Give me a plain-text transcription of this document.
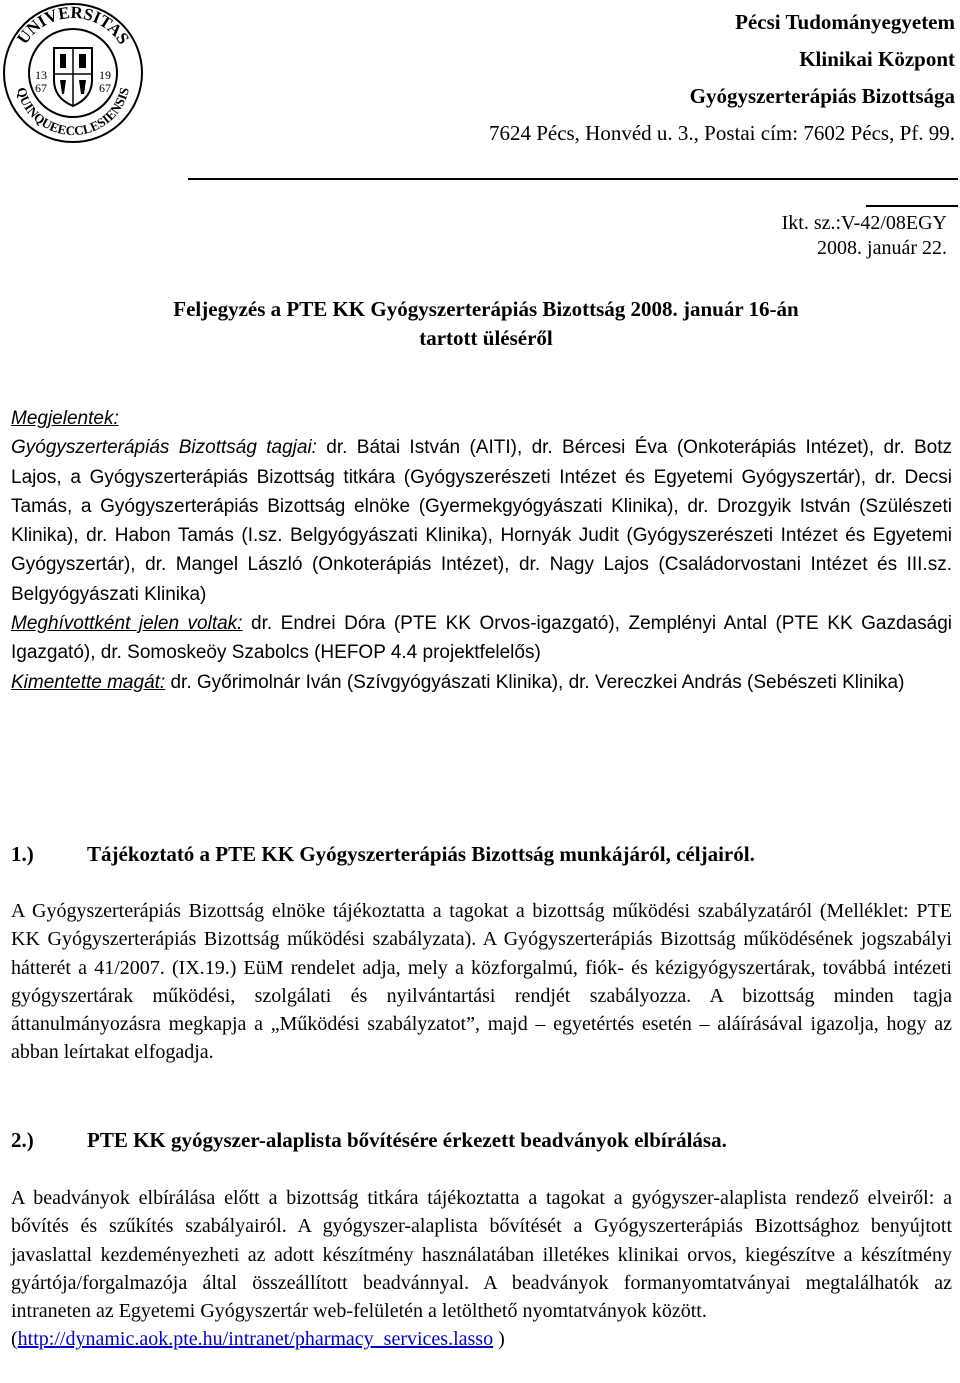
UNIVERSITAS
QUINQUEECCLESIENSIS
13
67
19
67
Pécsi Tudományegyetem
Klinikai Központ
Gyógyszerterápiás Bizottsága
7624 Pécs, Honvéd u. 3., Postai cím: 7602 Pécs, Pf. 99.
Ikt. sz.:V-42/08EGY
2008. január 22.
Feljegyzés a PTE KK Gyógyszerterápiás Bizottság 2008. január 16-án
tartott üléséről
Megjelentek:
Gyógyszerterápiás Bizottság tagjai: dr. Bátai István (AITI), dr. Bércesi Éva (Onkoterápiás Intézet), dr. Botz Lajos, a Gyógyszerterápiás Bizottság titkára (Gyógyszerészeti Intézet és Egyetemi Gyógyszertár), dr. Decsi Tamás, a Gyógyszerterápiás Bizottság elnöke (Gyermekgyógyászati Klinika), dr. Drozgyik István (Szülészeti Klinika), dr. Habon Tamás (I.sz. Belgyógyászati Klinika), Hornyák Judit (Gyógyszerészeti Intézet és Egyetemi Gyógyszertár), dr. Mangel László (Onkoterápiás Intézet), dr. Nagy Lajos (Családorvostani Intézet és III.sz. Belgyógyászati Klinika)
Meghívottként jelen voltak: dr. Endrei Dóra (PTE KK Orvos-igazgató), Zemplényi Antal (PTE KK Gazdasági Igazgató), dr. Somoskeöy Szabolcs (HEFOP 4.4 projektfelelős)
Kimentette magát: dr. Győrimolnár Iván (Szívgyógyászati Klinika), dr. Vereczkei András (Sebészeti Klinika)
1.)	Tájékoztató a PTE KK Gyógyszerterápiás Bizottság munkájáról, céljairól.
A Gyógyszerterápiás Bizottság elnöke tájékoztatta a tagokat a bizottság működési szabályzatáról (Melléklet: PTE KK Gyógyszerterápiás Bizottság működési szabályzata). A Gyógyszerterápiás Bizottság működésének jogszabályi hátterét a 41/2007. (IX.19.) EüM rendelet adja, mely a közforgalmú, fiók- és kézigyógyszertárak, továbbá intézeti gyógyszertárak működési, szolgálati és nyilvántartási rendjét szabályozza. A bizottság minden tagja áttanulmányozásra megkapja a „Működési szabályzatot”, majd – egyetértés esetén – aláírásával igazolja, hogy az abban leírtakat elfogadja.
2.)	PTE KK gyógyszer-alaplista bővítésére érkezett beadványok elbírálása.
A beadványok elbírálása előtt a bizottság titkára tájékoztatta a tagokat a gyógyszer-alaplista rendező elveiről: a bővítés és szűkítés szabályairól. A gyógyszer-alaplista bővítését a Gyógyszerterápiás Bizottsághoz benyújtott javaslattal kezdeményezheti az adott készítmény használatában illetékes klinikai orvos, kiegészítve a készítmény gyártója/forgalmazója által összeállított beadvánnyal. A beadványok formanyomtatványai megtalálhatók az intraneten az Egyetemi Gyógyszertár web-felületén a letölthető nyomtatványok között.
(http://dynamic.aok.pte.hu/intranet/pharmacy_services.lasso )
